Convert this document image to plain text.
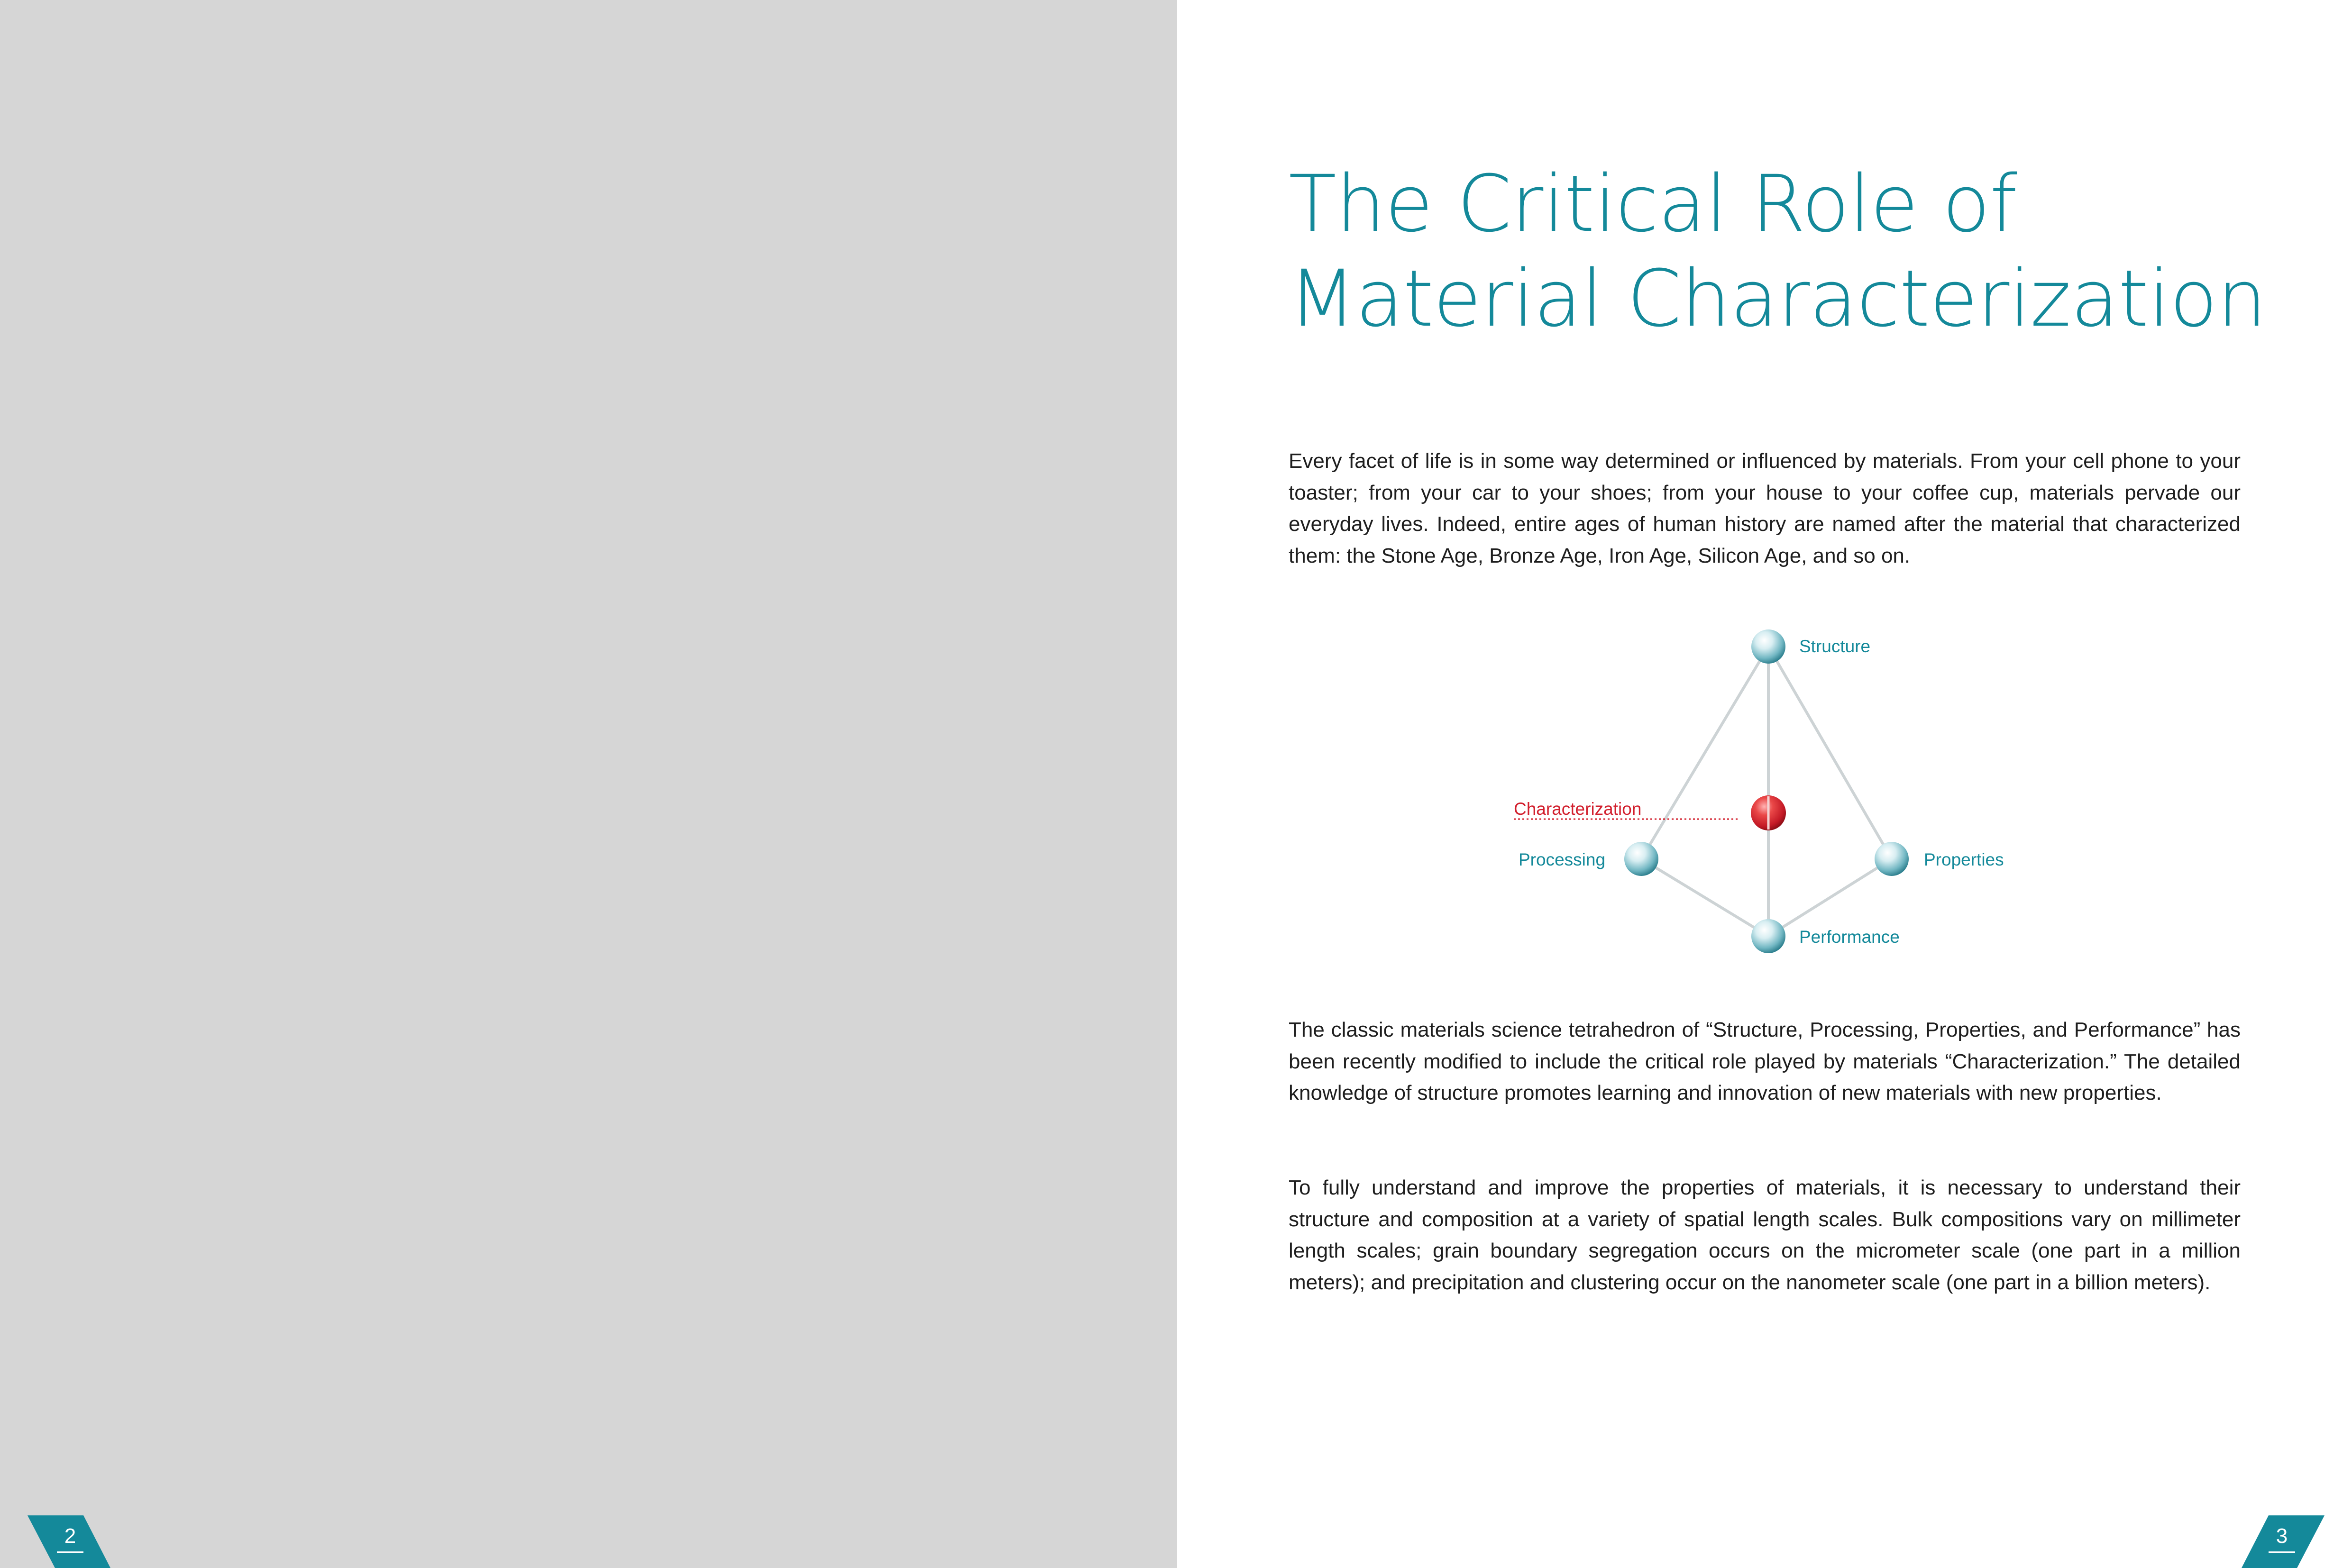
The Critical Role of
Material Characterization

Every facet of life is in some way determined or influenced by materials. From your cell phone to your toaster; from your car to your shoes; from your house to your coffee cup, materials pervade our everyday lives. Indeed, entire ages of human history are named after the material that characterized them: the Stone Age, Bronze Age, Iron Age, Silicon Age, and so on.

Structure
Characterization
Processing	Properties
Performance

The classic materials science tetrahedron of “Structure, Processing, Properties, and Performance” has been recently modified to include the critical role played by materials “Characterization.” The detailed knowledge of structure promotes learning and innovation of new materials with new properties.

To fully understand and improve the properties of materials, it is necessary to understand their structure and composition at a variety of spatial length scales. Bulk compositions vary on millimeter length scales; grain boundary segregation occurs on the micrometer scale (one part in a million meters); and precipitation and clustering occur on the nanometer scale (one part in a billion meters).

2	3
